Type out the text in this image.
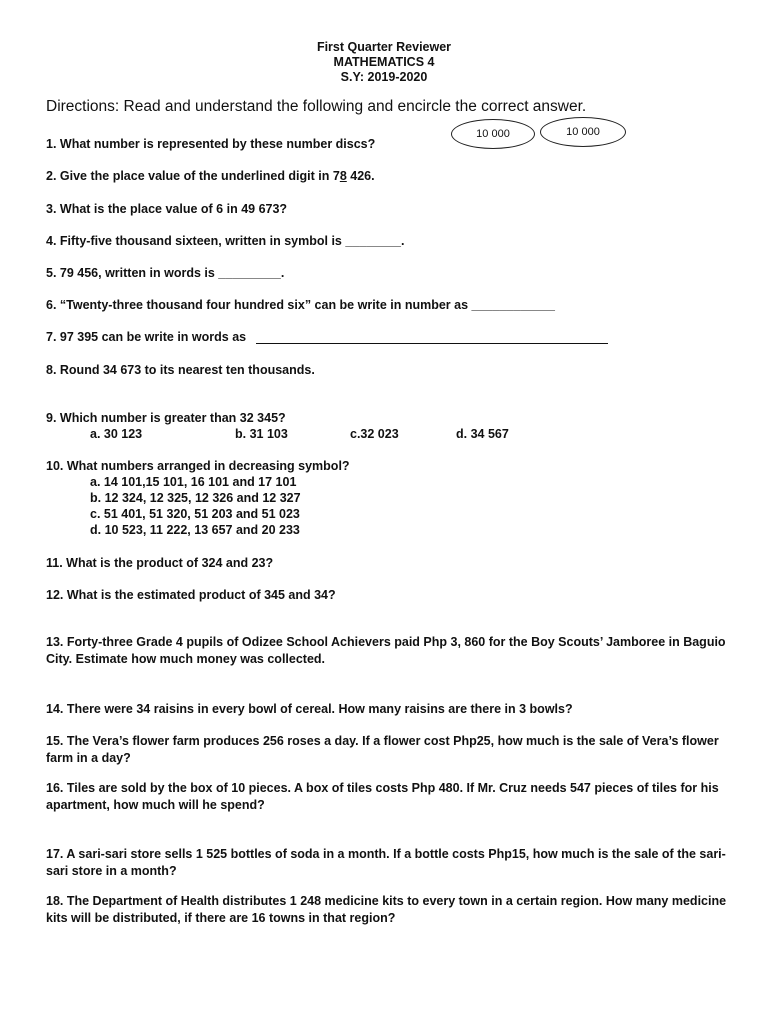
First Quarter Reviewer
MATHEMATICS 4
S.Y: 2019-2020
Directions: Read and understand the following and encircle the correct answer.
10 000	10 000
1. What number is represented by these number discs?
2. Give the place value of the underlined digit in 78 426.
3. What is the place value of 6 in 49 673?
4. Fifty-five thousand sixteen, written in symbol is ________.
5. 79 456, written in words is _________.
6. “Twenty-three thousand four hundred six” can be write in number as ____________
7. 97 395 can be write in words as
8. Round 34 673 to its nearest ten thousands.
9. Which number is greater than 32 345?
a. 30 123	b. 31 103	c.32 023	d. 34 567
10. What numbers arranged in decreasing symbol?
a. 14 101,15 101, 16 101 and 17 101
b. 12 324, 12 325, 12 326 and 12 327
c. 51 401, 51 320, 51 203 and 51 023
d. 10 523, 11 222, 13 657 and 20 233
11. What is the product of 324 and 23?
12. What is the estimated product of 345 and 34?
13. Forty-three Grade 4 pupils of Odizee School Achievers paid Php 3, 860 for the Boy Scouts’ Jamboree in Baguio City. Estimate how much money was collected.
14. There were 34 raisins in every bowl of cereal. How many raisins are there in 3 bowls?
15. The Vera’s flower farm produces 256 roses a day. If a flower cost Php25, how much is the sale of Vera’s flower farm in a day?
16. Tiles are sold by the box of 10 pieces. A box of tiles costs Php 480. If Mr. Cruz needs 547 pieces of tiles for his apartment, how much will he spend?
17. A sari-sari store sells 1 525 bottles of soda in a month. If a bottle costs Php15, how much is the sale of the sari-sari store in a month?
18. The Department of Health distributes 1 248 medicine kits to every town in a certain region. How many medicine kits will be distributed, if there are 16 towns in that region?
